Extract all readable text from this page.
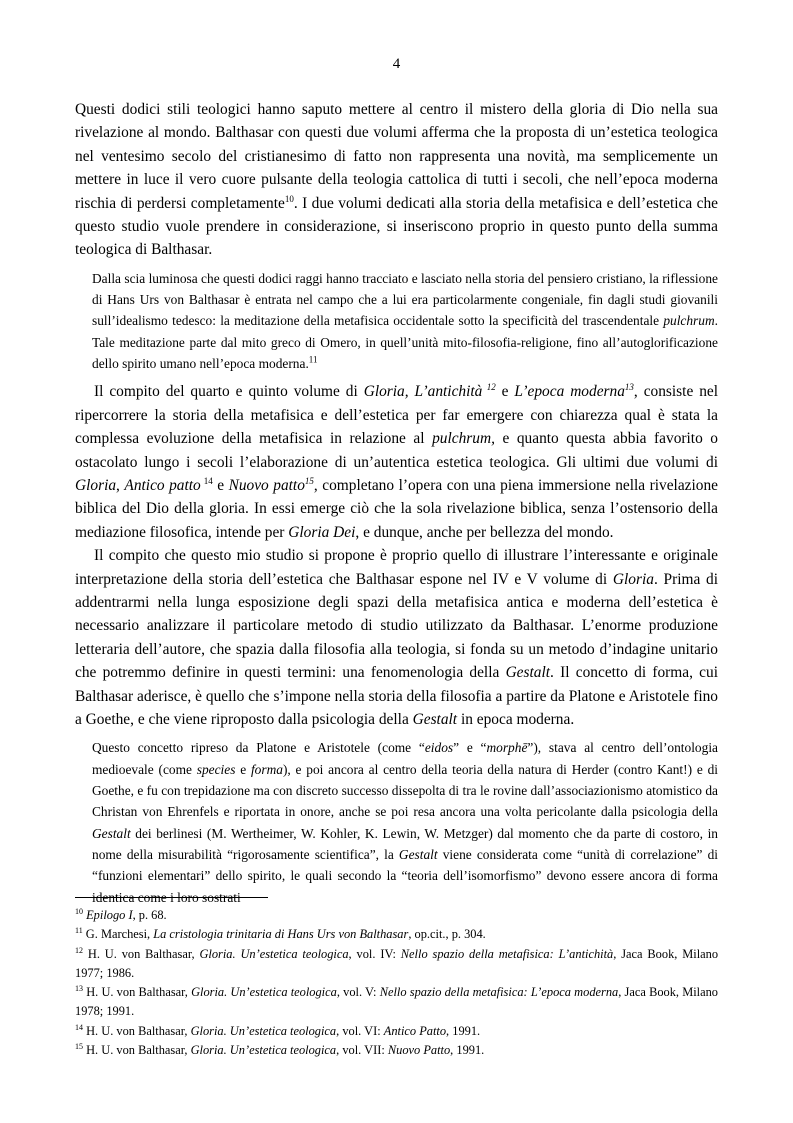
4

Questi dodici stili teologici hanno saputo mettere al centro il mistero della gloria di Dio nella sua rivelazione al mondo. Balthasar con questi due volumi afferma che la proposta di un’estetica teologica nel ventesimo secolo del cristianesimo di fatto non rappresenta una novità, ma semplicemente un mettere in luce il vero cuore pulsante della teologia cattolica di tutti i secoli, che nell’epoca moderna rischia di perdersi completamente$^{10}$. I due volumi dedicati alla storia della metafisica e dell’estetica che questo studio vuole prendere in considerazione, si inseriscono proprio in questo punto della summa teologica di Balthasar.

Dalla scia luminosa che questi dodici raggi hanno tracciato e lasciato nella storia del pensiero cristiano, la riflessione di Hans Urs von Balthasar è entrata nel campo che a lui era particolarmente congeniale, fin dagli studi giovanili sull’idealismo tedesco: la meditazione della metafisica occidentale sotto la specificità del trascendentale pulchrum. Tale meditazione parte dal mito greco di Omero, in quell’unità mito-filosofia-religione, fino all’autoglorificazione dello spirito umano nell’epoca moderna.$^{11}$

Il compito del quarto e quinto volume di Gloria, L’antichità $^{12}$ e L’epoca moderna$^{13}$, consiste nel ripercorrere la storia della metafisica e dell’estetica per far emergere con chiarezza qual è stata la complessa evoluzione della metafisica in relazione al pulchrum, e quanto questa abbia favorito o ostacolato lungo i secoli l’elaborazione di un’autentica estetica teologica. Gli ultimi due volumi di Gloria, Antico patto $^{14}$ e Nuovo patto$^{15}$, completano l’opera con una piena immersione nella rivelazione biblica del Dio della gloria. In essi emerge ciò che la sola rivelazione biblica, senza l’ostensorio della mediazione filosofica, intende per Gloria Dei, e dunque, anche per bellezza del mondo.

Il compito che questo mio studio si propone è proprio quello di illustrare l’interessante e originale interpretazione della storia dell’estetica che Balthasar espone nel IV e V volume di Gloria. Prima di addentrarmi nella lunga esposizione degli spazi della metafisica antica e moderna dell’estetica è necessario analizzare il particolare metodo di studio utilizzato da Balthasar. L’enorme produzione letteraria dell’autore, che spazia dalla filosofia alla teologia, si fonda su un metodo d’indagine unitario che potremmo definire in questi termini: una fenomenologia della Gestalt. Il concetto di forma, cui Balthasar aderisce, è quello che s’impone nella storia della filosofia a partire da Platone e Aristotele fino a Goethe, e che viene riproposto dalla psicologia della Gestalt in epoca moderna.

Questo concetto ripreso da Platone e Aristotele (come “eidos” e “morphē”), stava al centro dell’ontologia medioevale (come species e forma), e poi ancora al centro della teoria della natura di Herder (contro Kant!) e di Goethe, e fu con trepidazione ma con discreto successo dissepolta di tra le rovine dall’associazionismo atomistico da Christan von Ehrenfels e riportata in onore, anche se poi resa ancora una volta pericolante dalla psicologia della Gestalt dei berlinesi (M. Wertheimer, W. Kohler, K. Lewin, W. Metzger) dal momento che da parte di costoro, in nome della misurabilità “rigorosamente scientifica”, la Gestalt viene considerata come “unità di correlazione” di “funzioni elementari” dello spirito, le quali secondo la “teoria dell’isomorfismo” devono essere ancora di forma identica come i loro sostrati

$^{10}$ Epilogo I, p. 68.

$^{11}$ G. Marchesi, La cristologia trinitaria di Hans Urs von Balthasar, op.cit., p. 304.

$^{12}$ H. U. von Balthasar, Gloria. Un’estetica teologica, vol. IV: Nello spazio della metafisica: L’antichità, Jaca Book, Milano 1977; 1986.

$^{13}$ H. U. von Balthasar, Gloria. Un’estetica teologica, vol. V: Nello spazio della metafisica: L’epoca moderna, Jaca Book, Milano 1978; 1991.

$^{14}$ H. U. von Balthasar, Gloria. Un’estetica teologica, vol. VI: Antico Patto, 1991.

$^{15}$ H. U. von Balthasar, Gloria. Un’estetica teologica, vol. VII: Nuovo Patto, 1991.
